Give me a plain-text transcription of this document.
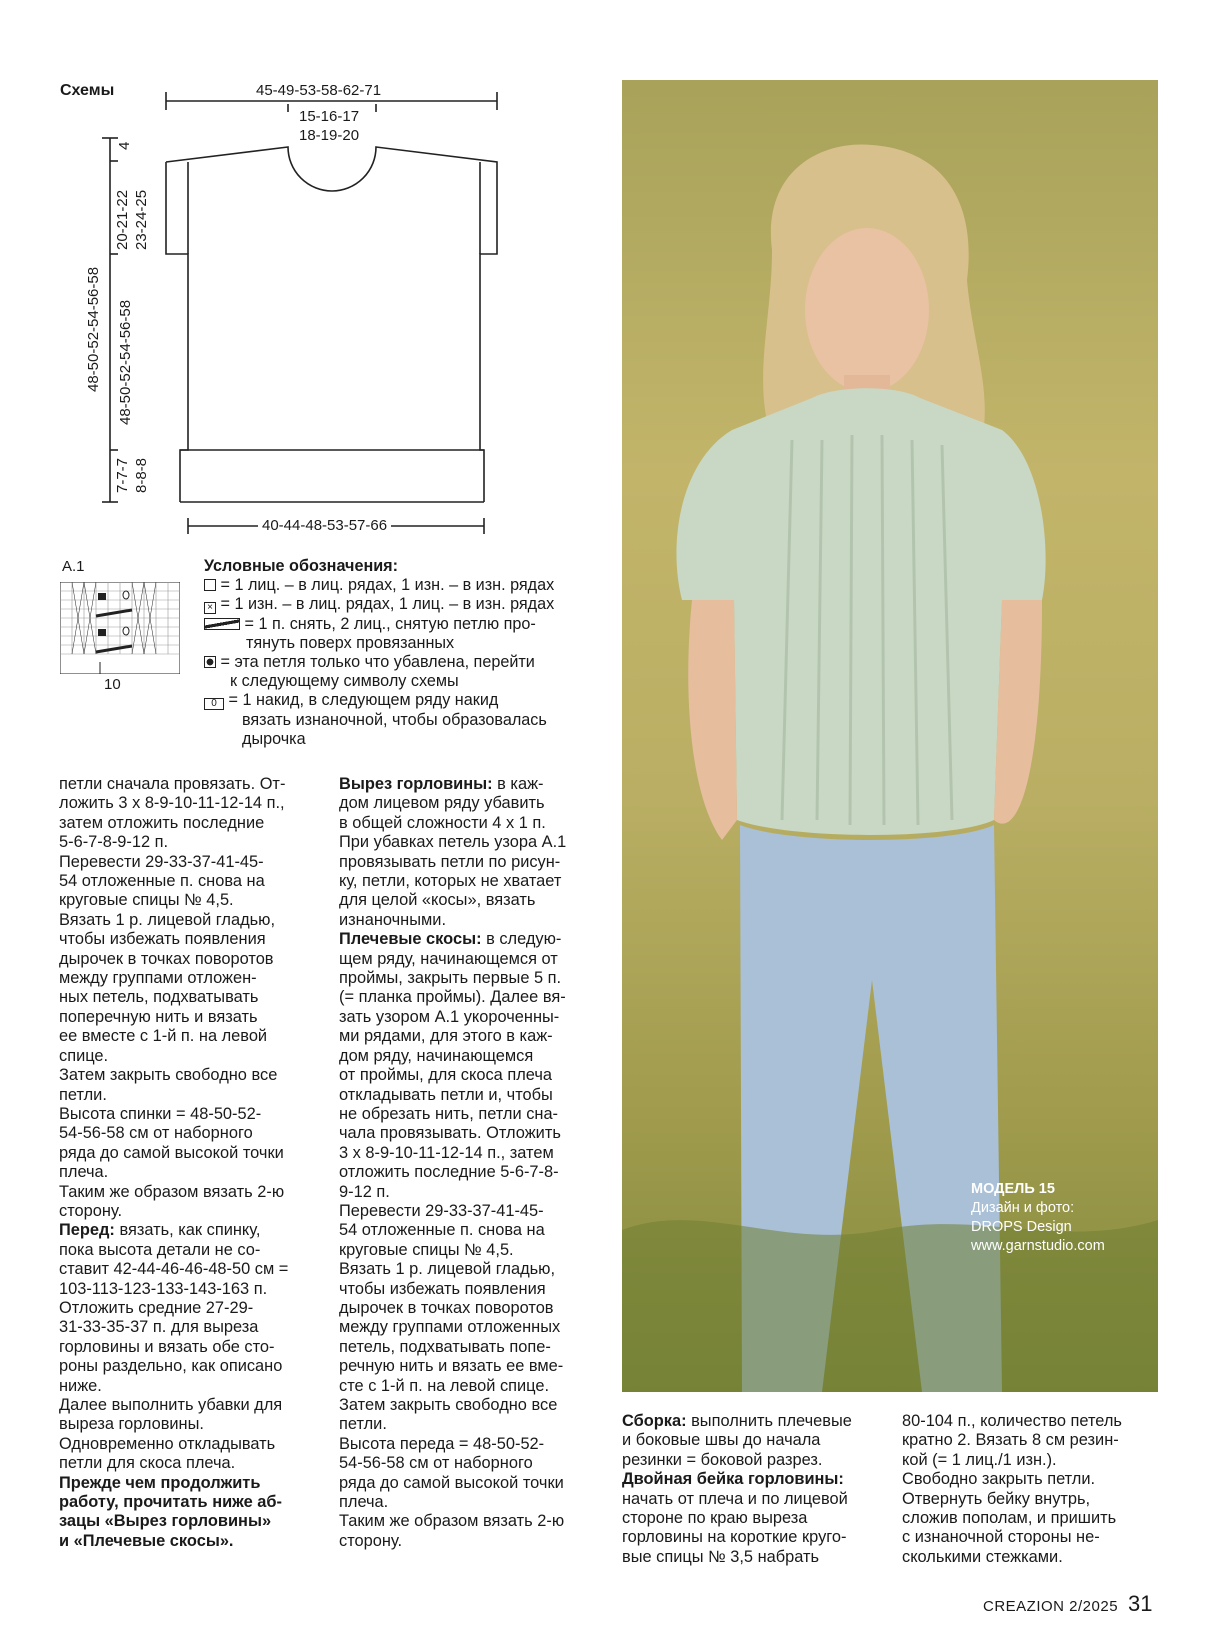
Схемы	45-49-53-58-62-71
15-16-17
18-19-20
40-44-48-53-57-66
4
20-21-22 23-24-25
48-50-52-54-56-58 48-50-52-54-56-58
7-7-7 8-8-8
A.1
10
Условные обозначения:
= 1 лиц. – в лиц. рядах, 1 изн. – в изн. рядах
× = 1 изн. – в лиц. рядах, 1 лиц. – в изн. рядах
= 1 п. снять, 2 лиц., снятую петлю про-
тянуть поверх провязанных
= эта петля только что убавлена, перейти
к следующему символу схемы
0 = 1 накид, в следующем ряду накид
вязать изнаночной, чтобы образовалась
дырочка

петли сначала провязать. От-

ложить 3 х 8-9-10-11-12-14 п.,

затем отложить последние

5-6-7-8-9-12 п.

Перевести 29-33-37-41-45-

54 отложенные п. снова на

круговые спицы № 4,5.

Вязать 1 р. лицевой гладью,

чтобы избежать появления

дырочек в точках поворотов

между группами отложен-

ных петель, подхватывать

поперечную нить и вязать

ее вместе с 1-й п. на левой

спице.

Затем закрыть свободно все

петли.

Высота спинки = 48-50-52-

54-56-58 см от наборного

ряда до самой высокой точки

плеча.

Таким же образом вязать 2-ю

сторону.

Перед: вязать, как спинку,

пока высота детали не со-

ставит 42-44-46-46-48-50 см =

103-113-123-133-143-163 п.

Отложить средние 27-29-

31-33-35-37 п. для выреза

горловины и вязать обе сто-

роны раздельно, как описано

ниже.

Далее выполнить убавки для

выреза горловины.

Одновременно откладывать

петли для скоса плеча.

Прежде чем продолжить

работу, прочитать ниже аб-

зацы «Вырез горловины»

и «Плечевые скосы».

Вырез горловины: в каж-

дом лицевом ряду убавить

в общей сложности 4 х 1 п.

При убавках петель узора А.1

провязывать петли по рисун-

ку, петли, которых не хватает

для целой «косы», вязать

изнаночными.

Плечевые скосы: в следую-

щем ряду, начинающемся от

проймы, закрыть первые 5 п.

(= планка проймы). Далее вя-

зать узором А.1 укороченны-

ми рядами, для этого в каж-

дом ряду, начинающемся

от проймы, для скоса плеча

откладывать петли и, чтобы

не обрезать нить, петли сна-

чала провязывать. Отложить

3 х 8-9-10-11-12-14 п., затем

отложить последние 5-6-7-8-

9-12 п.

Перевести 29-33-37-41-45-

54 отложенные п. снова на

круговые спицы № 4,5.

Вязать 1 р. лицевой гладью,

чтобы избежать появления

дырочек в точках поворотов

между группами отложенных

петель, подхватывать попе-

речную нить и вязать ее вме-

сте с 1-й п. на левой спице.

Затем закрыть свободно все

петли.

Высота переда = 48-50-52-

54-56-58 см от наборного

ряда до самой высокой точки

плеча.

Таким же образом вязать 2-ю

сторону.

МОДЕЛЬ 15
Дизайн и фото:
DROPS Design
www.garnstudio.com

Сборка: выполнить плечевые

и боковые швы до начала

резинки = боковой разрез.

Двойная бейка горловины:

начать от плеча и по лицевой

стороне по краю выреза

горловины на короткие круго-

вые спицы № 3,5 набрать

80-104 п., количество петель

кратно 2. Вязать 8 см резин-

кой (= 1 лиц./1 изн.).

Свободно закрыть петли.

Отвернуть бейку внутрь,

сложив пополам, и пришить

с изнаночной стороны не-

сколькими стежками.

CREAZION 2/2025 31
